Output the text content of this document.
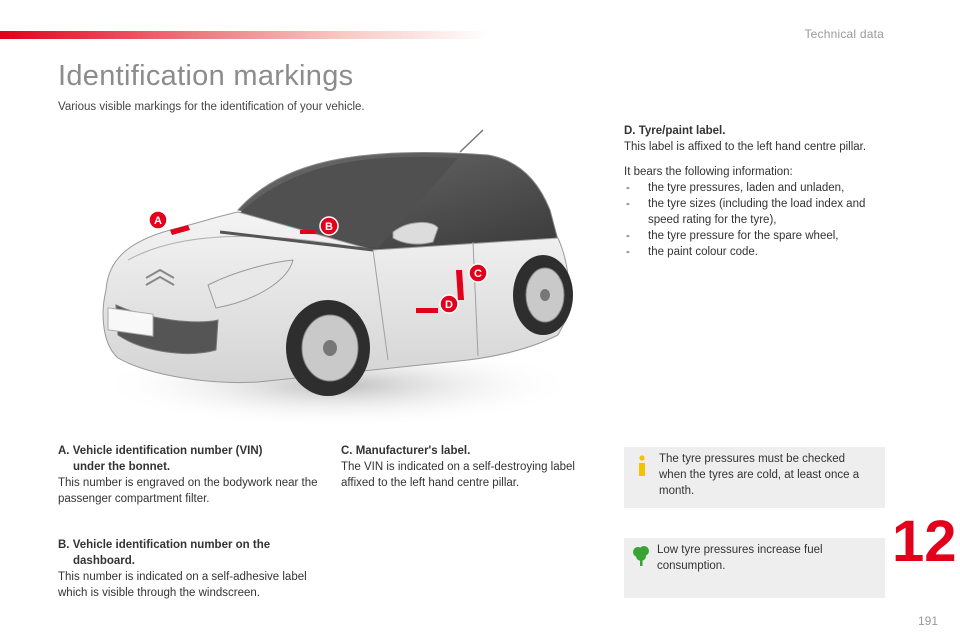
Technical data
Identification markings
Various visible markings for the identification of your vehicle.
A	B
C
D
D. Tyre/paint label.
This label is affixed to the left hand centre pillar.
It bears the following information:
- the tyre pressures, laden and unladen,
- the tyre sizes (including the load index and speed rating for the tyre),
- the tyre pressure for the spare wheel,
- the paint colour code.
A. Vehicle identification number (VIN)
under the bonnet.
This number is engraved on the bodywork near the passenger compartment filter.
B. Vehicle identification number on the
dashboard.
This number is indicated on a self-adhesive label which is visible through the windscreen.
C. Manufacturer's label.
The VIN is indicated on a self-destroying label affixed to the left hand centre pillar.
The tyre pressures must be checked when the tyres are cold, at least once a month.
Low tyre pressures increase fuel consumption.	12
191
